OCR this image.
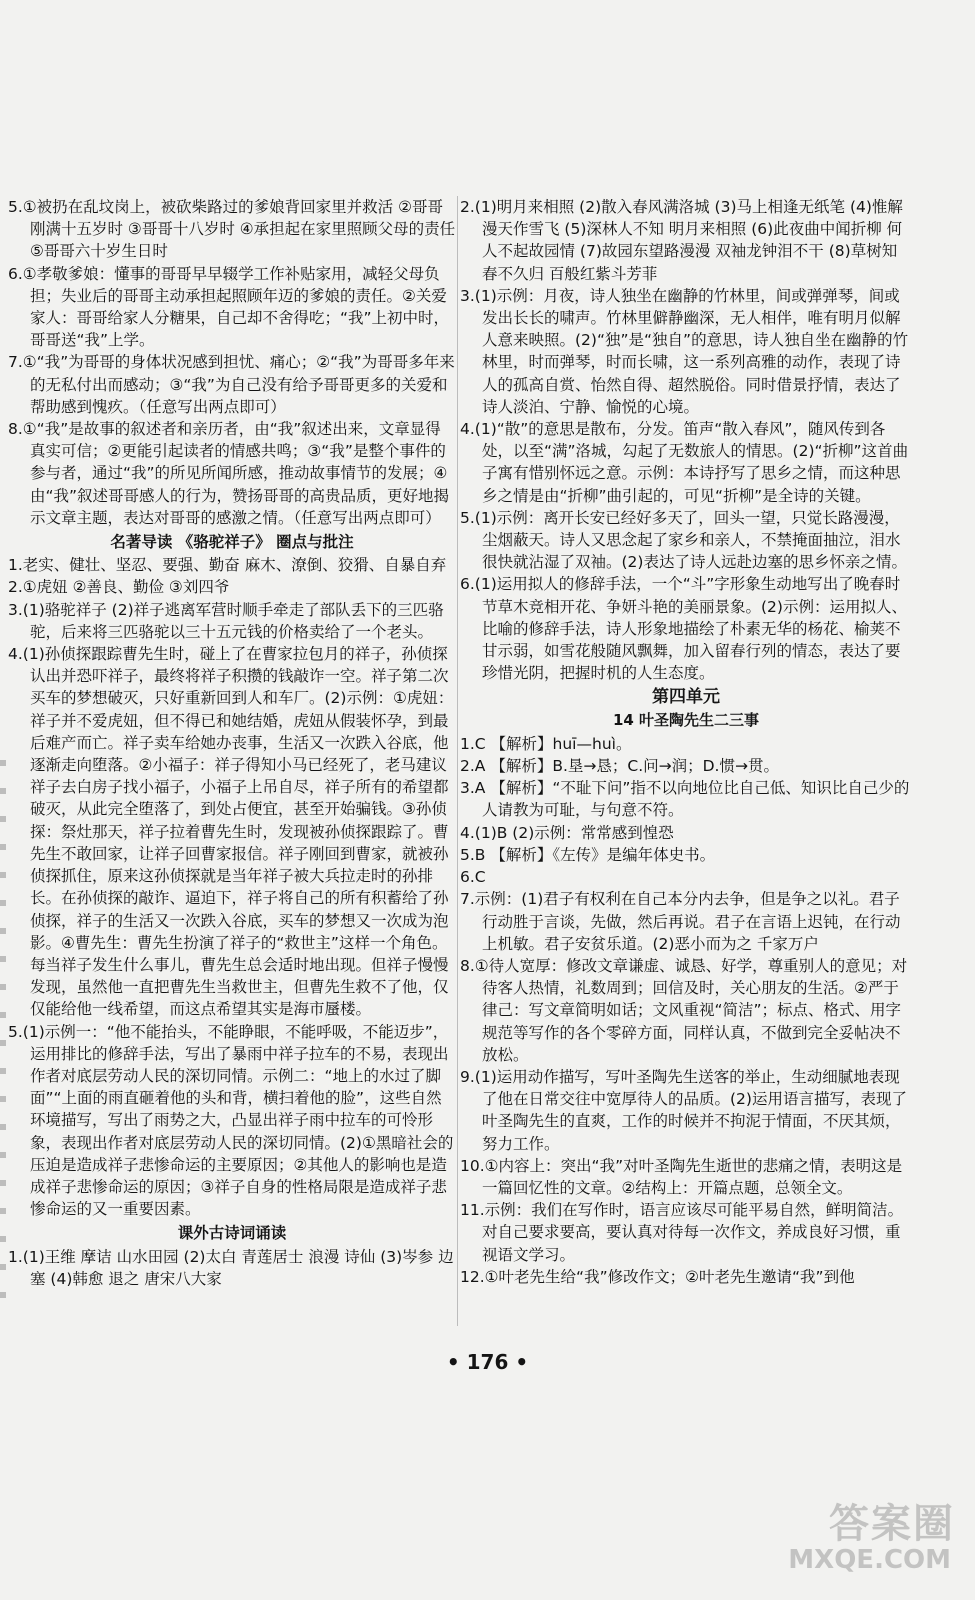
5.①被扔在乱坟岗上，被砍柴路过的爹娘背回家里并救活 ②哥哥刚满十五岁时 ③哥哥十八岁时 ④承担起在家里照顾父母的责任 ⑤哥哥六十岁生日时

6.①孝敬爹娘：懂事的哥哥早早辍学工作补贴家用，减轻父母负担；失业后的哥哥主动承担起照顾年迈的爹娘的责任。②关爱家人：哥哥给家人分糖果，自己却不舍得吃；“我”上初中时，哥哥送“我”上学。

7.①“我”为哥哥的身体状况感到担忧、痛心；②“我”为哥哥多年来的无私付出而感动；③“我”为自己没有给予哥哥更多的关爱和帮助感到愧疚。（任意写出两点即可）

8.①“我”是故事的叙述者和亲历者，由“我”叙述出来，文章显得真实可信；②更能引起读者的情感共鸣；③“我”是整个事件的参与者，通过“我”的所见所闻所感，推动故事情节的发展；④由“我”叙述哥哥感人的行为，赞扬哥哥的高贵品质，更好地揭示文章主题，表达对哥哥的感激之情。（任意写出两点即可）

名著导读 《骆驼祥子》 圈点与批注

1.老实、健壮、坚忍、要强、勤奋 麻木、潦倒、狡猾、自暴自弃

2.①虎妞 ②善良、勤俭 ③刘四爷

3.(1)骆驼祥子 (2)祥子逃离军营时顺手牵走了部队丢下的三匹骆驼，后来将三匹骆驼以三十五元钱的价格卖给了一个老头。

4.(1)孙侦探跟踪曹先生时，碰上了在曹家拉包月的祥子，孙侦探认出并恐吓祥子，最终将祥子积攒的钱敲诈一空。祥子第二次买车的梦想破灭，只好重新回到人和车厂。(2)示例：①虎妞：祥子并不爱虎妞，但不得已和她结婚，虎妞从假装怀孕，到最后难产而亡。祥子卖车给她办丧事，生活又一次跌入谷底，他逐渐走向堕落。②小福子：祥子得知小马已经死了，老马建议祥子去白房子找小福子，小福子上吊自尽，祥子所有的希望都破灭，从此完全堕落了，到处占便宜，甚至开始骗钱。③孙侦探：祭灶那天，祥子拉着曹先生时，发现被孙侦探跟踪了。曹先生不敢回家，让祥子回曹家报信。祥子刚回到曹家，就被孙侦探抓住，原来这孙侦探就是当年祥子被大兵拉走时的孙排长。在孙侦探的敲诈、逼迫下，祥子将自己的所有积蓄给了孙侦探，祥子的生活又一次跌入谷底，买车的梦想又一次成为泡影。④曹先生：曹先生扮演了祥子的“救世主”这样一个角色。每当祥子发生什么事儿，曹先生总会适时地出现。但祥子慢慢发现，虽然他一直把曹先生当救世主，但曹先生救不了他，仅仅能给他一线希望，而这点希望其实是海市蜃楼。

5.(1)示例一：“他不能抬头，不能睁眼，不能呼吸，不能迈步”，运用排比的修辞手法，写出了暴雨中祥子拉车的不易，表现出作者对底层劳动人民的深切同情。示例二：“地上的水过了脚面”“上面的雨直砸着他的头和背，横扫着他的脸”，这些自然环境描写，写出了雨势之大，凸显出祥子雨中拉车的可怜形象，表现出作者对底层劳动人民的深切同情。(2)①黑暗社会的压迫是造成祥子悲惨命运的主要原因；②其他人的影响也是造成祥子悲惨命运的原因；③祥子自身的性格局限是造成祥子悲惨命运的又一重要因素。

课外古诗词诵读

1.(1)王维 摩诘 山水田园 (2)太白 青莲居士 浪漫 诗仙 (3)岑参 边塞 (4)韩愈 退之 唐宋八大家

2.(1)明月来相照 (2)散入春风满洛城 (3)马上相逢无纸笔 (4)惟解漫天作雪飞 (5)深林人不知 明月来相照 (6)此夜曲中闻折柳 何人不起故园情 (7)故园东望路漫漫 双袖龙钟泪不干 (8)草树知春不久归 百般红紫斗芳菲

3.(1)示例：月夜，诗人独坐在幽静的竹林里，间或弹弹琴，间或发出长长的啸声。竹林里僻静幽深，无人相伴，唯有明月似解人意来映照。(2)“独”是“独自”的意思，诗人独自坐在幽静的竹林里，时而弹琴，时而长啸，这一系列高雅的动作，表现了诗人的孤高自赏、怡然自得、超然脱俗。同时借景抒情，表达了诗人淡泊、宁静、愉悦的心境。

4.(1)“散”的意思是散布，分发。笛声“散入春风”，随风传到各处，以至“满”洛城，勾起了无数旅人的情思。(2)“折柳”这首曲子寓有惜别怀远之意。示例：本诗抒写了思乡之情，而这种思乡之情是由“折柳”曲引起的，可见“折柳”是全诗的关键。

5.(1)示例：离开长安已经好多天了，回头一望，只觉长路漫漫，尘烟蔽天。诗人又思念起了家乡和亲人，不禁掩面抽泣，泪水很快就沾湿了双袖。(2)表达了诗人远赴边塞的思乡怀亲之情。

6.(1)运用拟人的修辞手法，一个“斗”字形象生动地写出了晚春时节草木竞相开花、争妍斗艳的美丽景象。(2)示例：运用拟人、比喻的修辞手法，诗人形象地描绘了朴素无华的杨花、榆荚不甘示弱，如雪花般随风飘舞，加入留春行列的情态，表达了要珍惜光阴，把握时机的人生态度。

第四单元
14 叶圣陶先生二三事

1.C 【解析】huī—huì。

2.A 【解析】B.垦→恳；C.问→润；D.惯→贯。

3.A 【解析】“不耻下问”指不以向地位比自己低、知识比自己少的人请教为可耻，与句意不符。

4.(1)B (2)示例：常常感到惶恐

5.B 【解析】《左传》是编年体史书。

6.C

7.示例：(1)君子有权利在自己本分内去争，但是争之以礼。君子行动胜于言谈，先做，然后再说。君子在言语上迟钝，在行动上机敏。君子安贫乐道。(2)恶小而为之 千家万户

8.①待人宽厚：修改文章谦虚、诚恳、好学，尊重别人的意见；对待客人热情，礼数周到；回信及时，关心朋友的生活。②严于律己：写文章简明如话；文风重视“简洁”；标点、格式、用字规范等写作的各个零碎方面，同样认真，不做到完全妥帖决不放松。

9.(1)运用动作描写，写叶圣陶先生送客的举止，生动细腻地表现了他在日常交往中宽厚待人的品质。(2)运用语言描写，表现了叶圣陶先生的直爽，工作的时候并不拘泥于情面，不厌其烦，努力工作。

10.①内容上：突出“我”对叶圣陶先生逝世的悲痛之情，表明这是一篇回忆性的文章。②结构上：开篇点题，总领全文。

11.示例：我们在写作时，语言应该尽可能平易自然，鲜明简洁。对自己要求要高，要认真对待每一次作文，养成良好习惯，重视语文学习。

12.①叶老先生给“我”修改作文；②叶老先生邀请“我”到他

• 176 •
答案圈
MXQE.COM
